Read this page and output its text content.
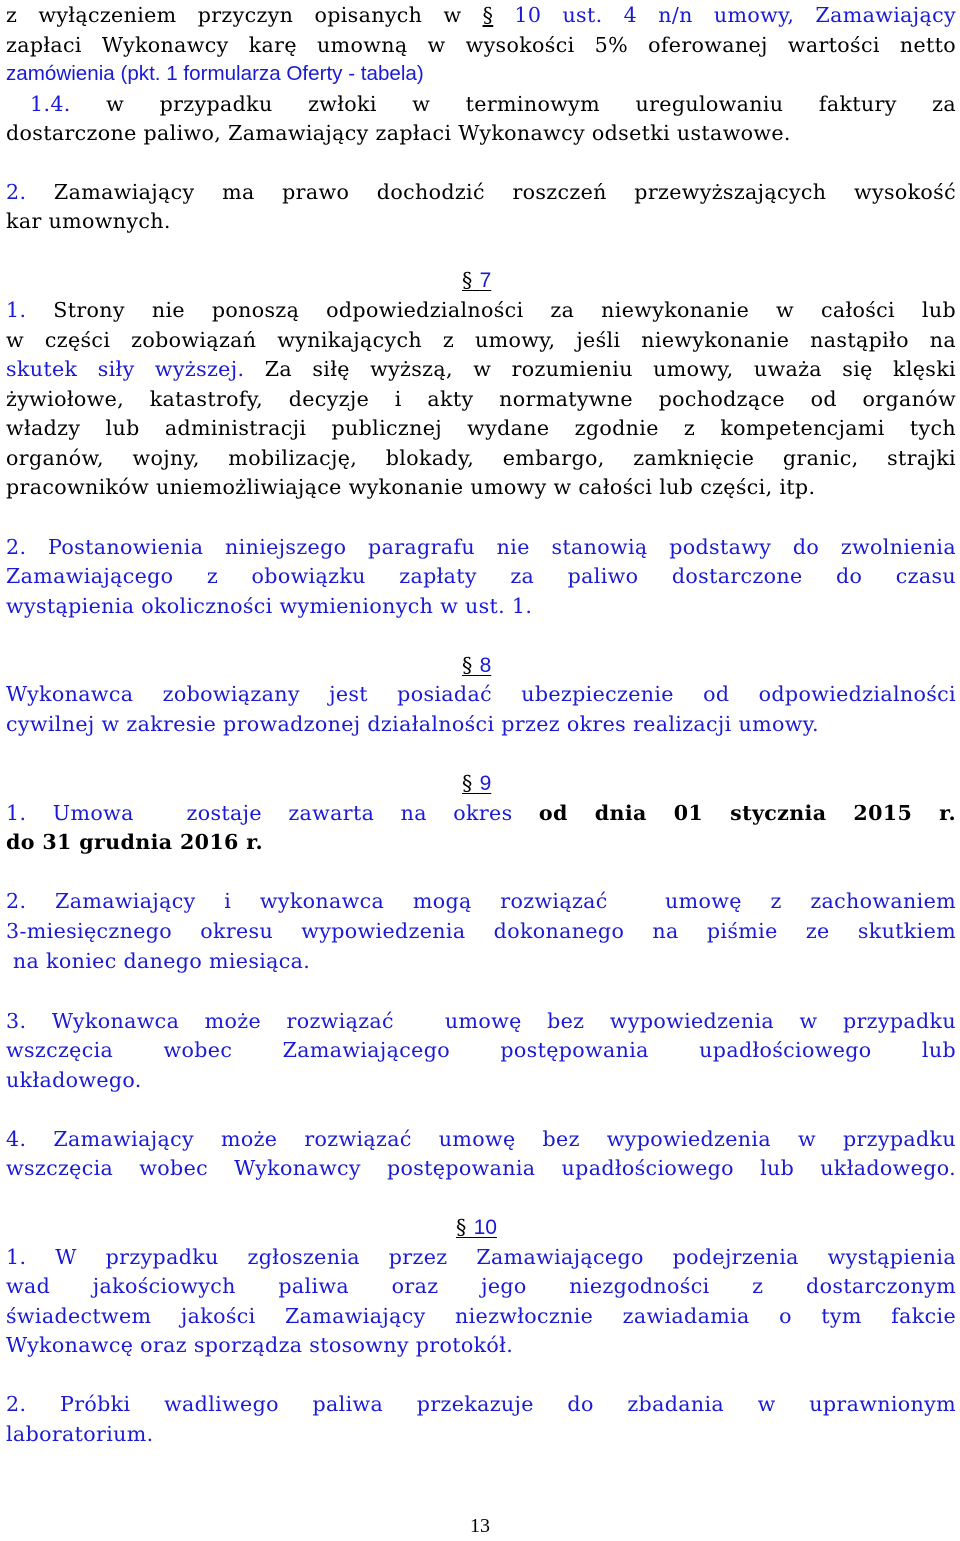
z wyłączeniem przyczyn opisanych w § 10 ust. 4 n/n umowy, Zamawiający
zapłaci Wykonawcy karę umowną w wysokości 5% oferowanej wartości netto
zamówienia (pkt. 1 formularza Oferty - tabela)
1.4. w przypadku zwłoki w terminowym uregulowaniu faktury za
dostarczone paliwo, Zamawiający zapłaci Wykonawcy odsetki ustawowe.
2. Zamawiający ma prawo dochodzić roszczeń przewyższających wysokość
kar umownych.
§ 7
1. Strony nie ponoszą odpowiedzialności za niewykonanie w całości lub
w części zobowiązań wynikających z umowy, jeśli niewykonanie nastąpiło na
skutek siły wyższej. Za siłę wyższą, w rozumieniu umowy, uważa się klęski
żywiołowe, katastrofy, decyzje i akty normatywne pochodzące od organów
władzy lub administracji publicznej wydane zgodnie z kompetencjami tych
organów, wojny, mobilizację, blokady, embargo, zamknięcie granic, strajki
pracowników uniemożliwiające wykonanie umowy w całości lub części, itp.
2. Postanowienia niniejszego paragrafu nie stanowią podstawy do zwolnienia
Zamawiającego z obowiązku zapłaty za paliwo dostarczone do czasu
wystąpienia okoliczności wymienionych w ust. 1.
§ 8
Wykonawca zobowiązany jest posiadać ubezpieczenie od odpowiedzialności
cywilnej w zakresie prowadzonej działalności przez okres realizacji umowy.
§ 9
1. Umowa  zostaje zawarta na okres od dnia 01 stycznia 2015 r.
do 31 grudnia 2016 r.
2. Zamawiający i wykonawca mogą rozwiązać  umowę z zachowaniem
3-miesięcznego okresu wypowiedzenia dokonanego na piśmie ze skutkiem
na koniec danego miesiąca.
3. Wykonawca może rozwiązać  umowę bez wypowiedzenia w przypadku
wszczęcia wobec Zamawiającego postępowania upadłościowego lub
układowego.
4. Zamawiający może rozwiązać umowę bez wypowiedzenia w przypadku
wszczęcia wobec Wykonawcy postępowania upadłościowego lub układowego.
§ 10
1. W przypadku zgłoszenia przez Zamawiającego podejrzenia wystąpienia
wad jakościowych paliwa oraz jego niezgodności z dostarczonym
świadectwem jakości Zamawiający niezwłocznie zawiadamia o tym fakcie
Wykonawcę oraz sporządza stosowny protokół.
2. Próbki wadliwego paliwa przekazuje do zbadania w uprawnionym
laboratorium.
13
